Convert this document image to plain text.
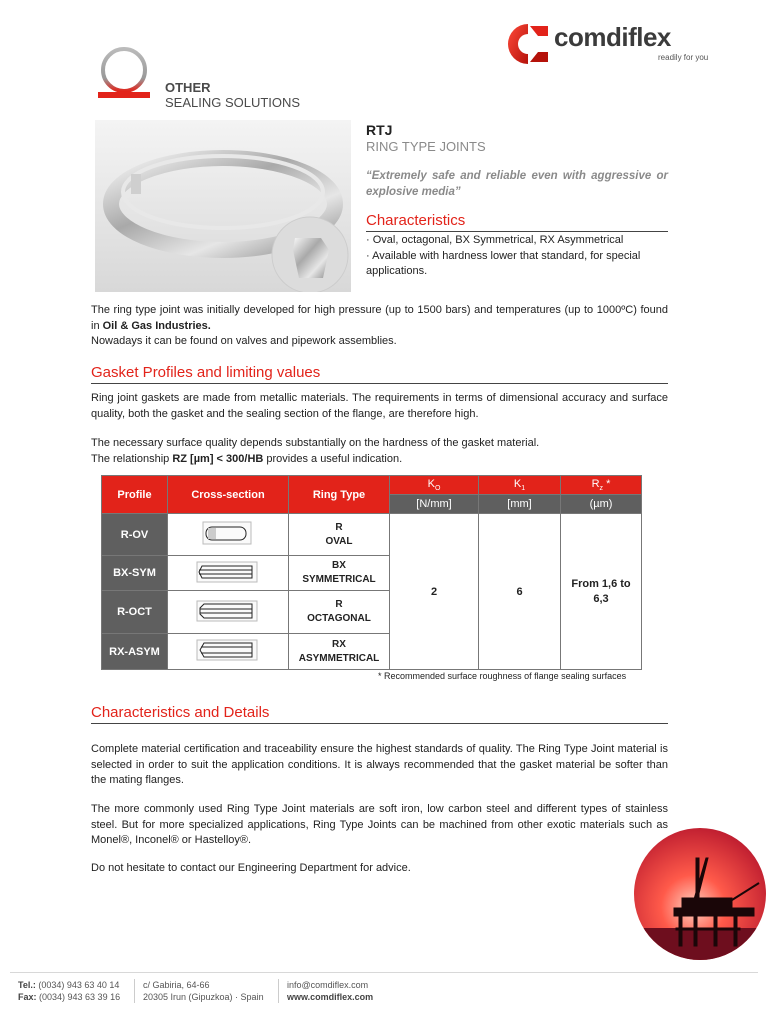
comdiflex
readily for you
OTHER
SEALING SOLUTIONS
RTJ
RING TYPE JOINTS
“Extremely safe and reliable even with aggressive or explosive media”
Characteristics
· Oval, octagonal, BX Symmetrical, RX Asymmetrical
· Available with hardness lower that standard, for special applications.
The ring type joint was initially developed for high pressure (up to 1500 bars) and temperatures (up to 1000ºC) found in Oil & Gas Industries.
Nowadays it can be found on valves and pipework assemblies.
Gasket Profiles and limiting values
Ring joint gaskets are made from metallic materials. The requirements in terms of dimensional accuracy and surface quality, both the gasket and the sealing section of the flange, are therefore high.
The necessary surface quality depends substantially on the hardness of the gasket material.
The relationship RZ [µm] < 300/HB provides a useful indication.
Profile	Cross-section	Ring Type	$K_O$	$K_1$	$R_z$ *
			[N/mm]	[mm]	(µm)
R-OV		R
OVAL	2	6	From 1,6 to 6,3
BX-SYM		BX
SYMMETRICAL			
R-OCT		R
OCTAGONAL			
RX-ASYM		RX
ASYMMETRICAL			
* Recommended surface roughness of flange sealing surfaces
Characteristics and Details
Complete material certification and traceability ensure the highest standards of quality. The Ring Type Joint material is selected in order to suit the application conditions. It is always recommended that the gasket material be softer than the mating flanges.
The more commonly used Ring Type Joint materials are soft iron, low carbon steel and different types of stainless steel. But for more specialized applications, Ring Type Joints can be machined from other exotic materials such as Monel®, Inconel® or Hastelloy®.
Do not hesitate to contact our Engineering Department for advice.
Tel.: (0034) 943 63 40 14
Fax: (0034) 943 63 39 16
c/ Gabiria, 64-66
20305 Irun (Gipuzkoa) · Spain
info@comdiflex.com
www.comdiflex.com
